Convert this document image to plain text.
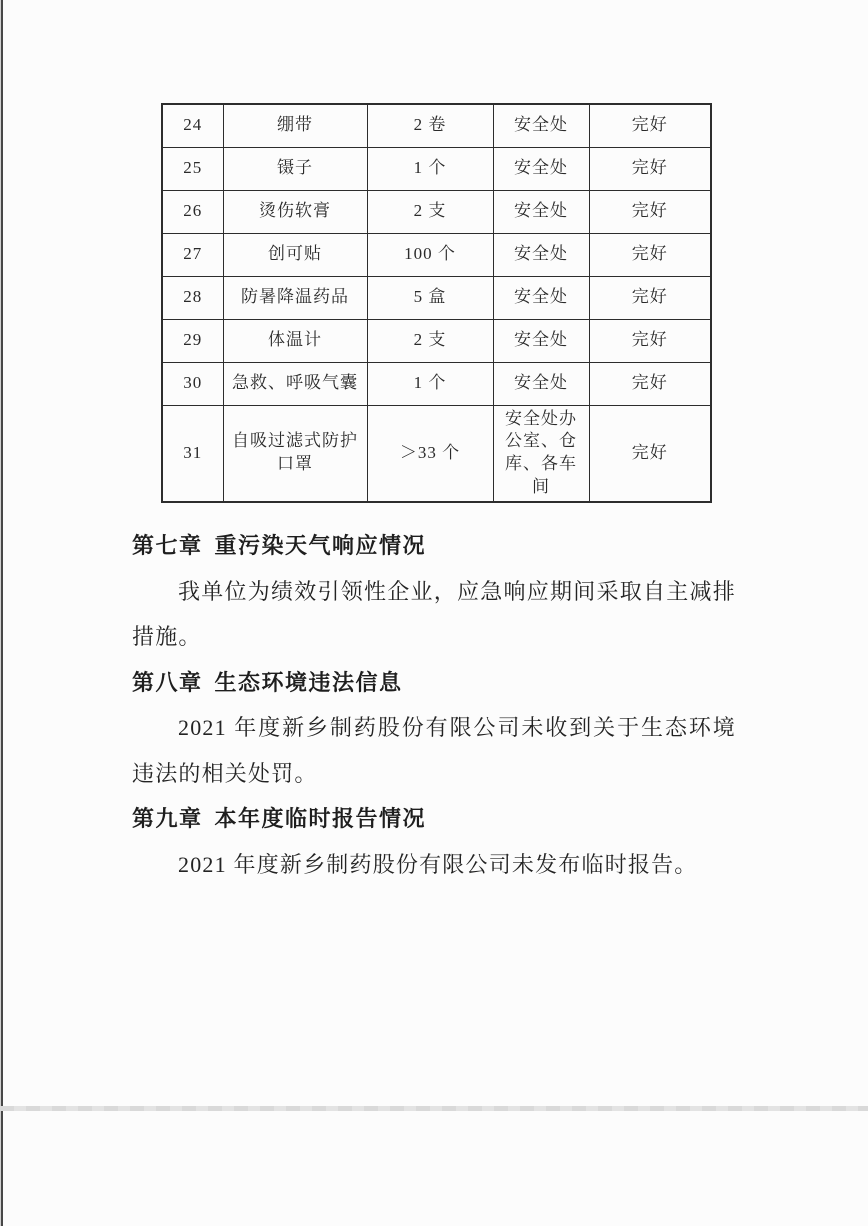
24	绷带	2 卷	安全处	完好
25	镊子	1 个	安全处	完好
26	烫伤软膏	2 支	安全处	完好
27	创可贴	100 个	安全处	完好
28	防暑降温药品	5 盒	安全处	完好
29	体温计	2 支	安全处	完好
30	急救、呼吸气囊	1 个	安全处	完好
31	自吸过滤式防护口罩	＞33 个	安全处办公室、仓库、各车间	完好
第七章 重污染天气响应情况
我单位为绩效引领性企业，应急响应期间采取自主减排
措施。
第八章 生态环境违法信息
2021 年度新乡制药股份有限公司未收到关于生态环境
违法的相关处罚。
第九章 本年度临时报告情况
2021 年度新乡制药股份有限公司未发布临时报告。
